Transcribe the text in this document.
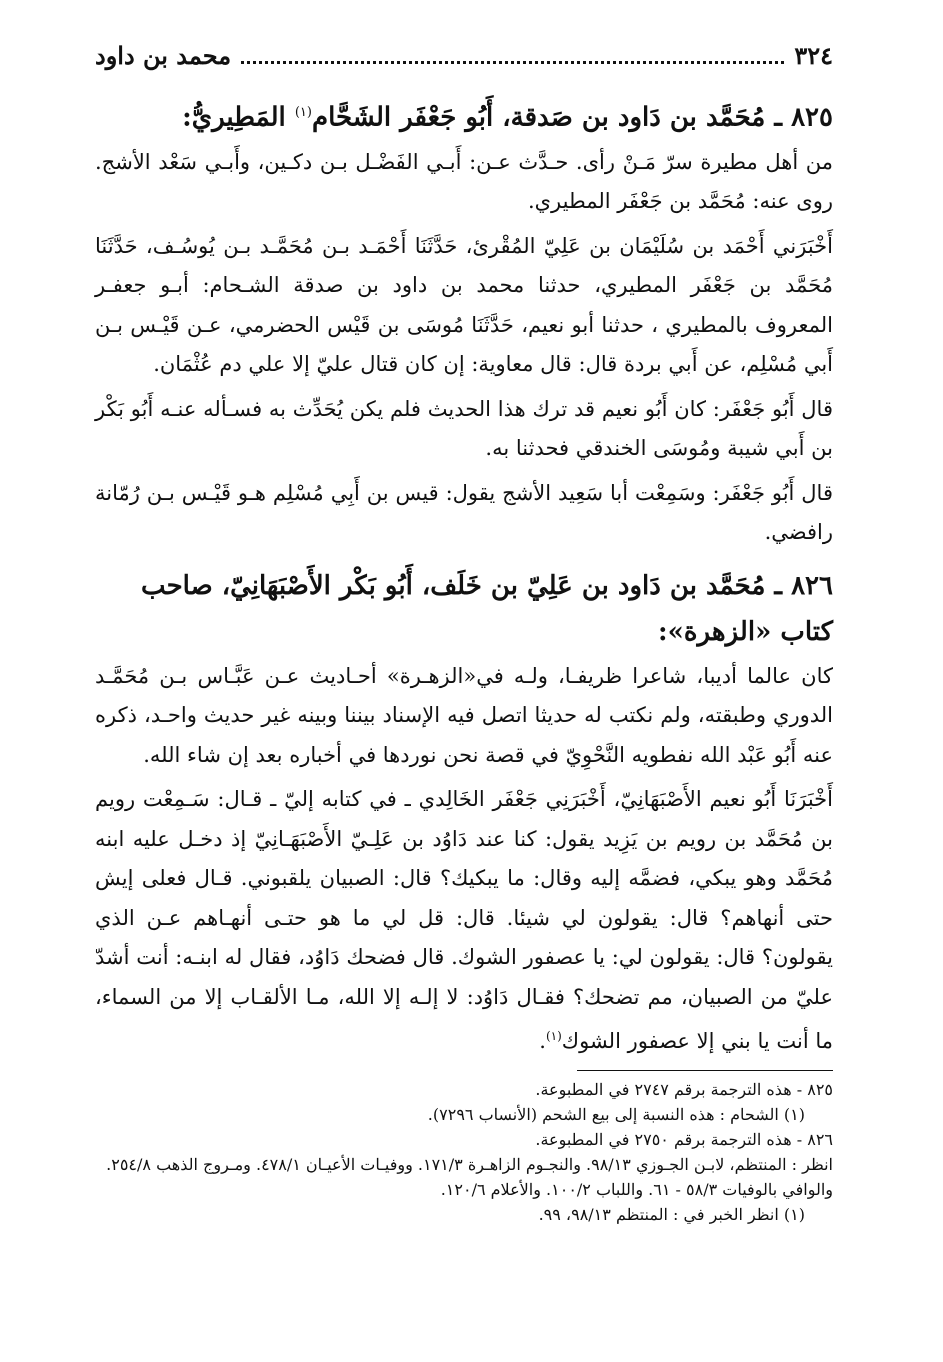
٣٢٤
محمد بن داود
٨٢٥ ـ مُحَمَّد بن دَاود بن صَدقة، أَبُو جَعْفَر الشَحَّام$^{(١)}$ المَطِيريُّ:

من أهل مطيرة سرّ مَـنْ رأى. حـدَّث عـن: أَبـي الفَضْـل بـن دكـين، وأَبـي سَعْد الأشج. روى عنه: مُحَمَّد بن جَعْفَر المطيري.

أَخْبَرَني أَحْمَد بن سُلَيْمَان بن عَلِيّ المُقْرئ، حَدَّثَنَا أَحْمَـد بـن مُحَمَّـد بـن يُوسُـف، حَدَّثَنَا مُحَمَّد بن جَعْفَر المطيري، حدثنا محمد بن داود بن صدقة الشـحام: أبـو جعفـر المعروف بالمطيري ، حدثنا أبو نعيم، حَدَّثَنَا مُوسَى بن قَيْس الحضرمي، عـن قَيْـس بـن أَبي مُسْلِم، عن أَبي بردة قال: قال معاوية: إن كان قتال عليّ إلا علي دم عُثْمَان.

قال أَبُو جَعْفَر: كان أَبُو نعيم قد ترك هذا الحديث فلم يكن يُحَدِّث به فسـأله عنـه أَبُو بَكْر بن أَبي شيبة ومُوسَى الخندقي فحدثنا به.

قال أَبُو جَعْفَر: وسَمِعْت أبا سَعِيد الأشج يقول: قيس بن أَبِي مُسْلِم هـو قَيْـس بـن رُمّانة رافضي.

٨٢٦ ـ مُحَمَّد بن دَاود بن عَلِيّ بن خَلَف، أَبُو بَكْر الأَصْبَهَانِيّ، صاحب كتاب «الزهرة»:

كان عالما أديبا، شاعرا ظريفـا، ولـه في«الزهـرة» أحـاديث عـن عَبَّـاس بـن مُحَمَّـد الدوري وطبقته، ولم نكتب له حديثا اتصل فيه الإسناد بيننا وبينه غير حديث واحـد، ذكره عنه أَبُو عَبْد الله نفطويه النَّحْوِيّ في قصة نحن نوردها في أخباره بعد إن شاء الله.

أَخْبَرَنَا أَبُو نعيم الأَصْبَهَانِيّ، أَخْبَرَنِي جَعْفَر الخَالِدي ـ في كتابه إليّ ـ قـال: سَـمِعْت رويم بن مُحَمَّد بن رويم بن يَزِيد يقول: كنا عند دَاوُد بن عَلِـيّ الأَصْبَهَـانِيّ إذ دخـل عليه ابنه مُحَمَّد وهو يبكي، فضمَّه إليه وقال: ما يبكيك؟ قال: الصبيان يلقبوني. قـال فعلى إيش حتى أنهاهم؟ قال: يقولون لي شيئا. قال: قل لي ما هو حتـى أنهـاهم عـن الذي يقولون؟ قال: يقولون لي: يا عصفور الشوك. قال فضحك دَاوُد، فقال له ابنـه: أنت أشدّ عليّ من الصبيان، مم تضحك؟ فقـال دَاوُد: لا إلـه إلا الله، مـا الألقـاب إلا من السماء، ما أنت يا بني إلا عصفور الشوك$^{(١)}$.

٨٢٥ - هذه الترجمة برقم ٢٧٤٧ في المطبوعة.

(١) الشحام : هذه النسبة إلى بيع الشحم (الأنساب ٧٢٩٦).

٨٢٦ - هذه الترجمة برقم ٢٧٥٠ في المطبوعة.

انظر : المنتظم، لابـن الجـوزي ٩٨/١٣. والنجـوم الزاهـرة ١٧١/٣. ووفيـات الأعيـان ٤٧٨/١. ومـروج الذهب ٢٥٤/٨. والوافي بالوفيات ٥٨/٣ - ٦١. واللباب ١٠٠/٢. والأعلام ١٢٠/٦.

(١) انظر الخبر في : المنتظم ٩٨/١٣، ٩٩.
